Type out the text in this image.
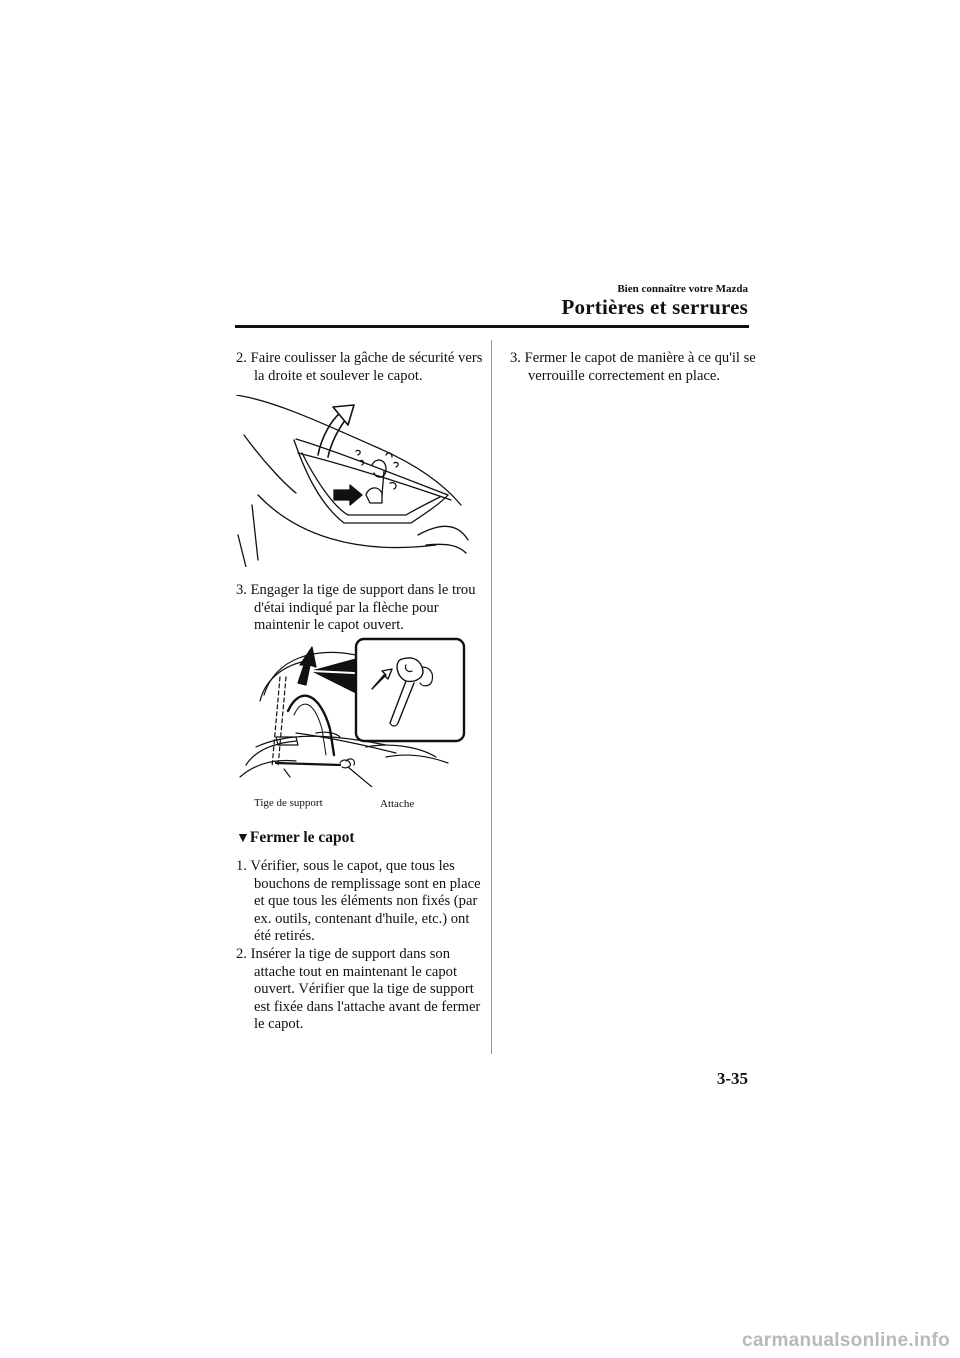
Bien connaître votre Mazda
Portières et serrures
2. Faire coulisser la gâche de sécurité vers la droite et soulever le capot.
3. Engager la tige de support dans le trou d'étai indiqué par la flèche pour maintenir le capot ouvert.
Tige de support	Attache
▼Fermer le capot
1. Vérifier, sous le capot, que tous les bouchons de remplissage sont en place et que tous les éléments non fixés (par ex. outils, contenant d'huile, etc.) ont été retirés.
2. Insérer la tige de support dans son attache tout en maintenant le capot ouvert. Vérifier que la tige de support est fixée dans l'attache avant de fermer le capot.
3. Fermer le capot de manière à ce qu'il se verrouille correctement en place.
3-35
carmanualsonline.info
